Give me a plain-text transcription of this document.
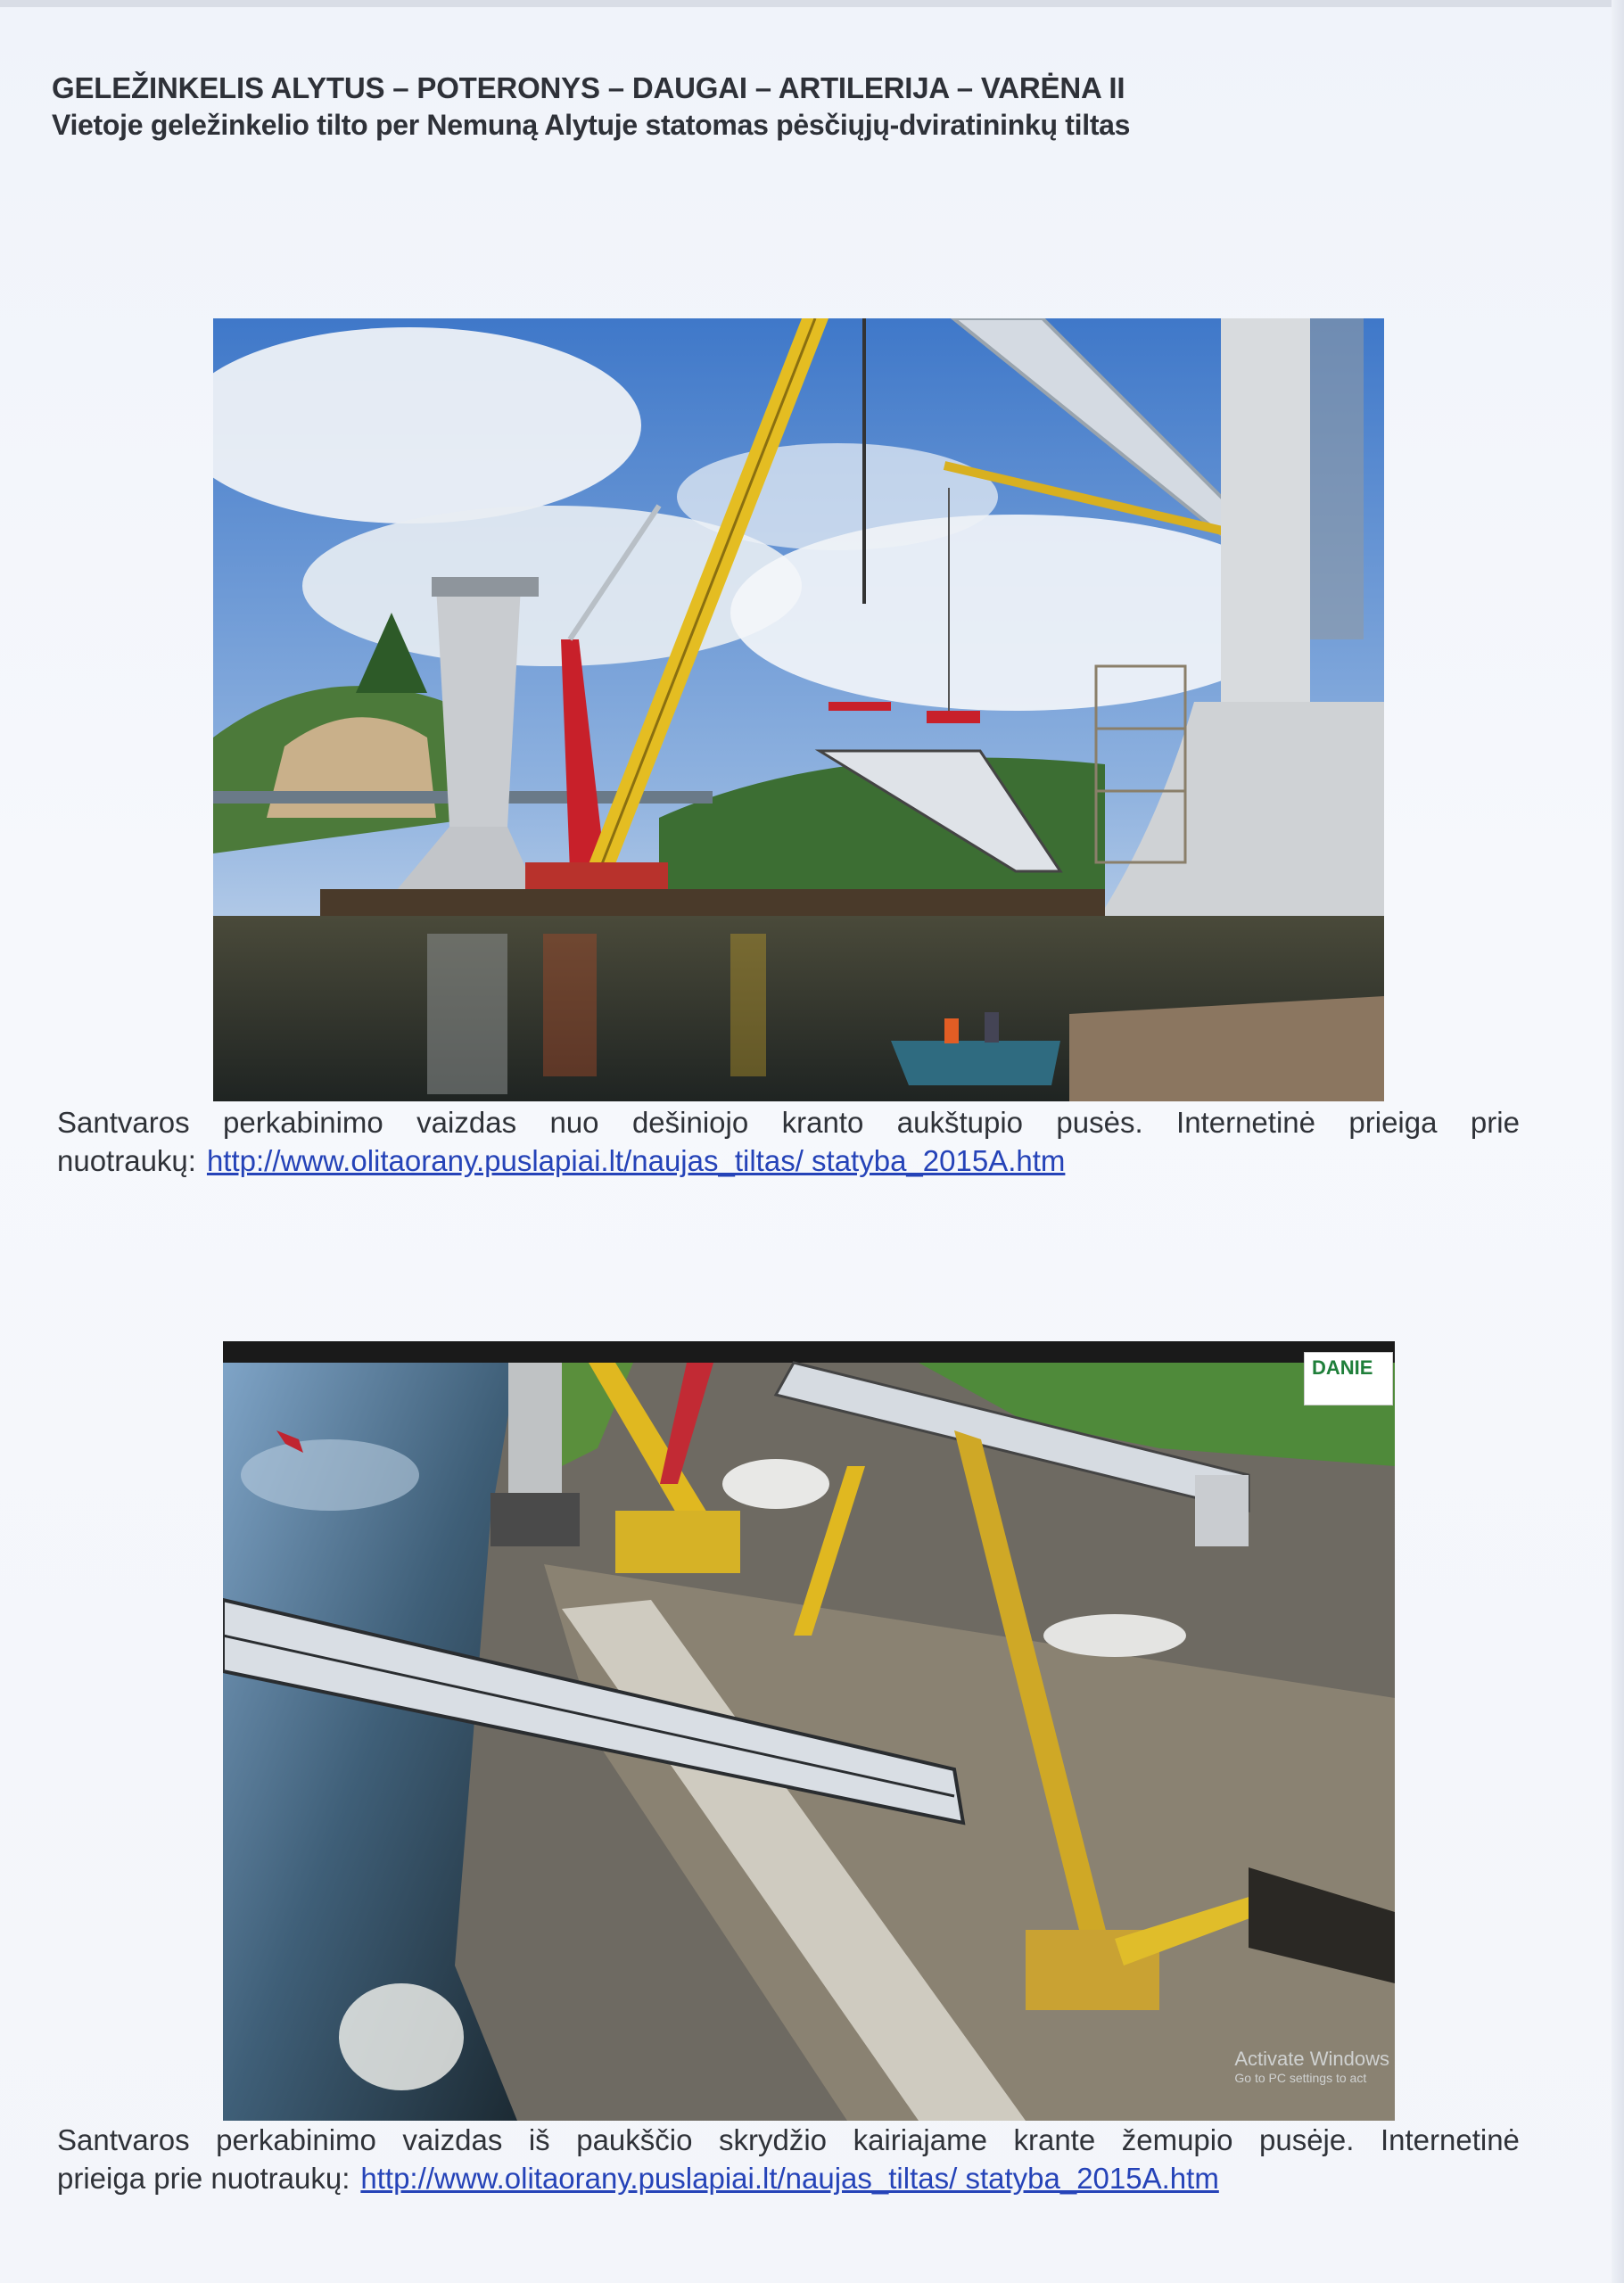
GELEŽINKELIS ALYTUS – POTERONYS – DAUGAI – ARTILERIJA – VARĖNA II
Vietoje geležinkelio tilto per Nemuną Alytuje statomas pėsčiųjų-dviratininkų tiltas
Santvaros perkabinimo vaizdas nuo dešiniojo kranto aukštupio pusės. Internetinė prieiga prie
nuotraukų: http://www.olitaorany.puslapiai.lt/naujas_tiltas/ statyba_2015A.htm
DANIE
Activate Windows
Go to PC settings to act
Santvaros perkabinimo vaizdas iš paukščio skrydžio kairiajame krante žemupio pusėje. Internetinė
prieiga prie nuotraukų: http://www.olitaorany.puslapiai.lt/naujas_tiltas/ statyba_2015A.htm
